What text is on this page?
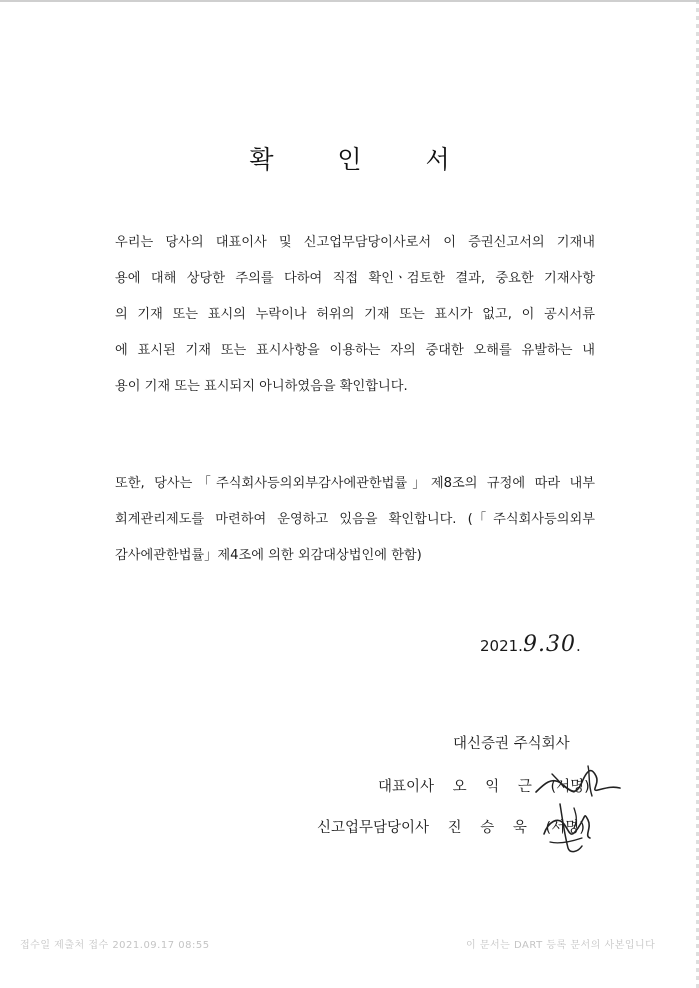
확 인 서
우리는 당사의 대표이사 및 신고업무담당이사로서 이 증권신고서의 기재내
용에 대해 상당한 주의를 다하여 직접 확인ㆍ검토한 결과, 중요한 기재사항
의 기재 또는 표시의 누락이나 허위의 기재 또는 표시가 없고, 이 공시서류
에 표시된 기재 또는 표시사항을 이용하는 자의 중대한 오해를 유발하는 내
용이 기재 또는 표시되지 아니하였음을 확인합니다.
또한, 당사는「주식회사등의외부감사에관한법률」제8조의 규정에 따라 내부
회계관리제도를 마련하여 운영하고 있음을 확인합니다. (「주식회사등의외부
감사에관한법률」제4조에 의한 외감대상법인에 한함)
2021.9.30.
대신증권 주식회사
대표이사 오 익 근 (서명)
신고업무담당이사 진 승 욱 (서명)
접수일 제출처 접수 2021.09.17 08:55	이 문서는 DART 등록 문서의 사본입니다
